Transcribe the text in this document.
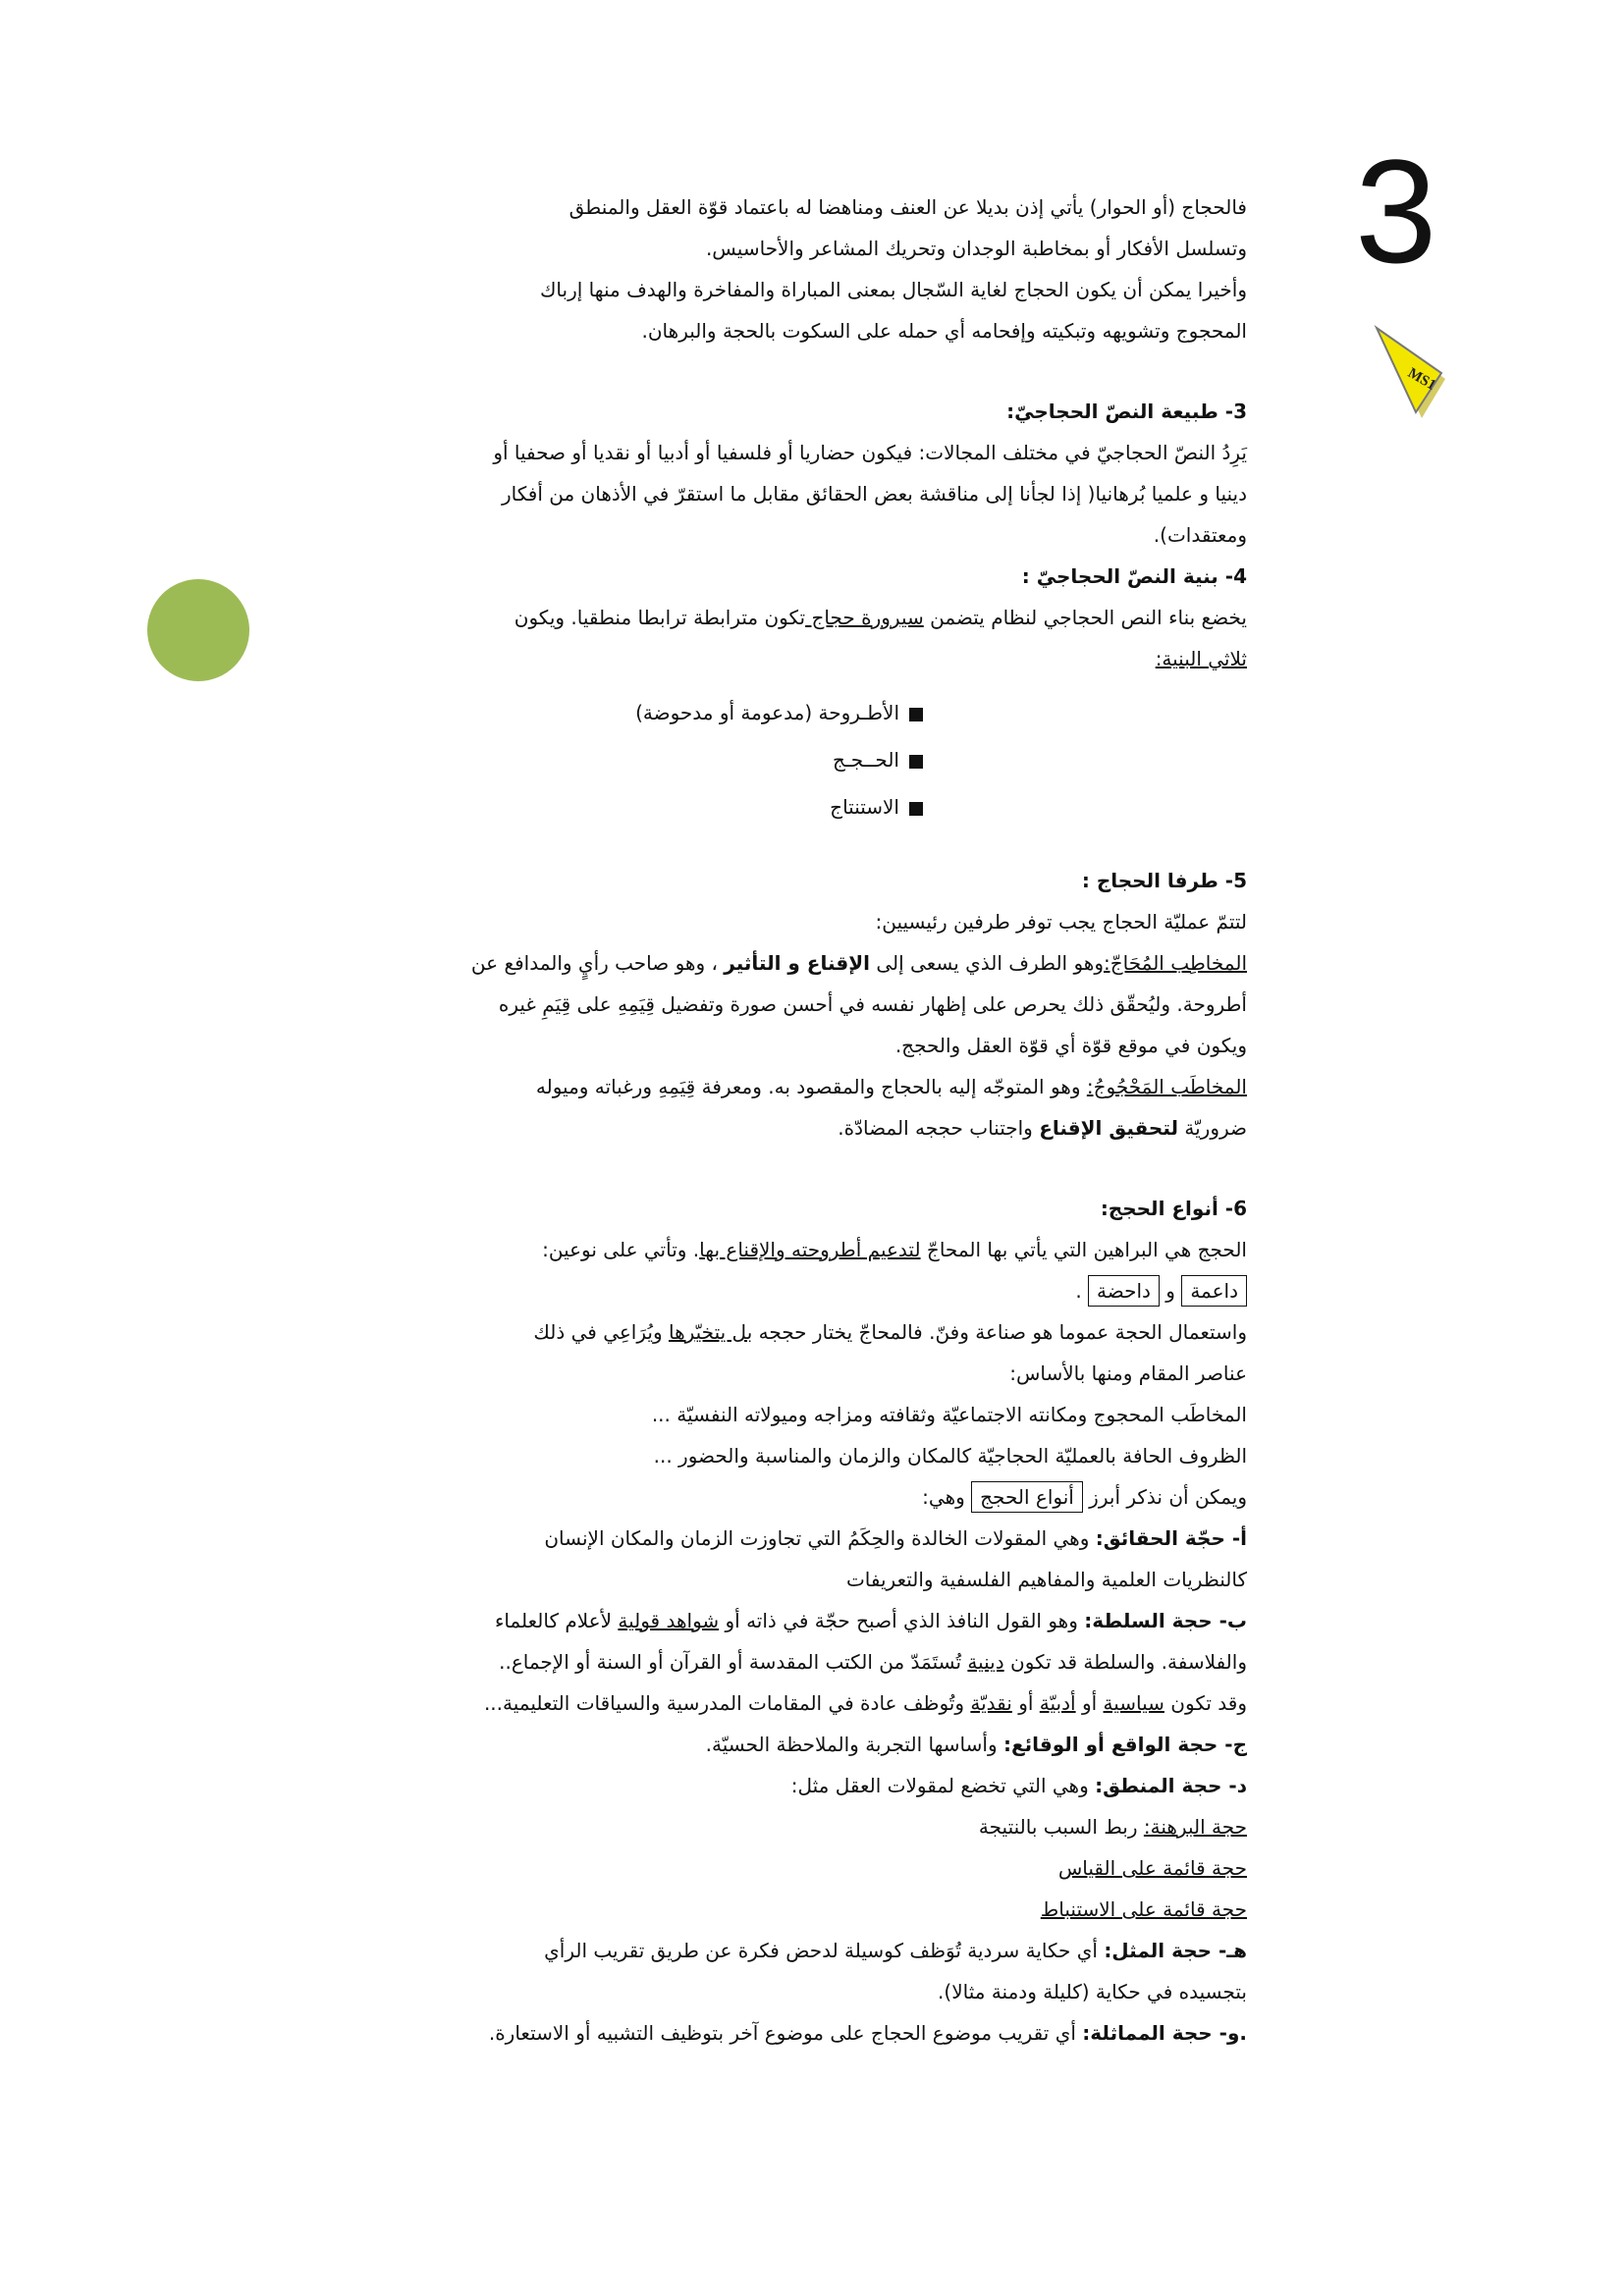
3
MS1

فالحجاج (أو الحوار) يأتي إذن بديلا عن العنف ومناهضا له باعتماد قوّة العقل والمنطق

وتسلسل الأفكار أو بمخاطبة الوجدان وتحريك المشاعر والأحاسيس.

وأخيرا يمكن أن يكون الحجاج لغاية السّجال بمعنى المباراة والمفاخرة والهدف منها إرباك

المحجوج وتشويهه وتبكيته وإفحامه أي حمله على السكوت بالحجة والبرهان.

3- طبيعة النصّ الحجاجيّ:

يَرِدُ النصّ الحجاجيّ في مختلف المجالات: فيكون حضاريا أو فلسفيا أو أدبيا أو نقديا أو صحفيا أو

دينيا و علميا بُرهانيا( إذا لجأنا إلى مناقشة بعض الحقائق مقابل ما استقرّ في الأذهان من أفكار

ومعتقدات).

4- بنية النصّ الحجاجيّ :

يخضع بناء النص الحجاجي لنظام يتضمن سيرورة حجاج تكون مترابطة ترابطا منطقيا. ويكون

ثلاثي البنية:

الأطـروحة (مدعومة أو مدحوضة)
الحــجـج
الاستنتاج

5- طرفا الحجاج :

لتتمّ عمليّة الحجاج يجب توفر طرفين رئيسيين:

المخاطِب المُحَاجّ:وهو الطرف الذي يسعى إلى الإقناع و التأثير ، وهو صاحب رأيٍ والمدافع عن

أطروحة. وليُحقّق ذلك يحرص على إظهار نفسه في أحسن صورة وتفضيل قِيَمِهِ على قِيَمِ غيره

ويكون في موقع قوّة أي قوّة العقل والحجج.

المخاطَب المَحْجُوجُ: وهو المتوجّه إليه بالحجاج والمقصود به. ومعرفة قِيَمِهِ ورغباته وميوله

ضروريّة لتحقيق الإقناع واجتناب حججه المضادّة.

6- أنواع الحجج:

الحجج هي البراهين التي يأتي بها المحاجّ لتدعيم أطروحته والإقناع بها. وتأتي على نوعين:

داعمة و داحضة .

واستعمال الحجة عموما هو صناعة وفنّ. فالمحاجّ يختار حججه بل يتخيّرها ويُرَاعِي في ذلك

عناصر المقام ومنها بالأساس:

المخاطَب المحجوج ومكانته الاجتماعيّة وثقافته ومزاجه وميولاته النفسيّة ...

الظروف الحافة بالعمليّة الحجاجيّة كالمكان والزمان والمناسبة والحضور ...

ويمكن أن نذكر أبرز أنواع الحجج وهي:

أ- حجّة الحقائق: وهي المقولات الخالدة والحِكَمُ التي تجاوزت الزمان والمكان الإنسان

كالنظريات العلمية والمفاهيم الفلسفية والتعريفات

ب- حجة السلطة: وهو القول النافذ الذي أصبح حجّة في ذاته أو شواهد قولية لأعلام كالعلماء

والفلاسفة. والسلطة قد تكون دينية تُستَمَدّ من الكتب المقدسة أو القرآن أو السنة أو الإجماع..

وقد تكون سياسية أو أدبيّة أو نقديّة وتُوظف عادة في المقامات المدرسية والسياقات التعليمية...

ج- حجة الواقع أو الوقائع: وأساسها التجربة والملاحظة الحسيّة.

د- حجة المنطق: وهي التي تخضع لمقولات العقل مثل:

حجة البرهنة: ربط السبب بالنتيجة

حجة قائمة على القياس

حجة قائمة على الاستنباط

هـ- حجة المثل: أي حكاية سردية تُوَظف كوسيلة لدحض فكرة عن طريق تقريب الرأي

بتجسيده في حكاية (كليلة ودمنة مثالا).

.و- حجة المماثلة: أي تقريب موضوع الحجاج على موضوع آخر بتوظيف التشبيه أو الاستعارة.
